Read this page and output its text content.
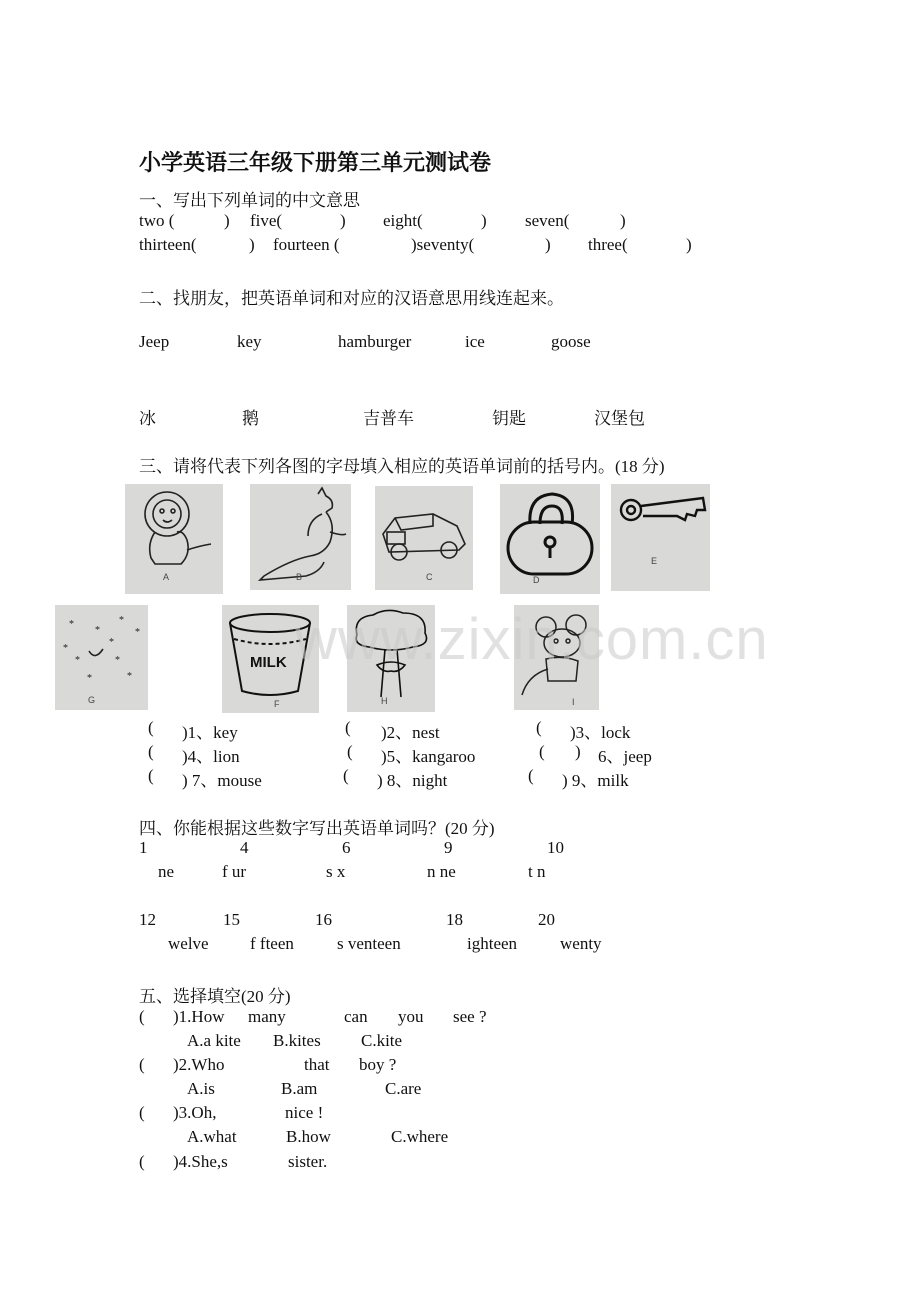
小学英语三年级下册第三单元测试卷
一、写出下列单词的中文意思
two (	) five(	) eight(	) seven(	)
thirteen(	) fourteen (	)seventy(	) three(	)
二、找朋友，把英语单词和对应的汉语意思用线连起来。
Jeep	key	hamburger	ice	goose
冰	鹅	吉普车	钥匙	汉堡包
三、请将代表下列各图的字母填入相应的英语单词前的括号内。(18 分)
A	B	C	D
E
*
*
*
*
*
*	*
*	*
*
G
MILK
F	H	I
www.zixin.com.cn
( )1、key	( )2、nest	( )3、lock
( )4、lion	( )5、kangaroo	( ) 6、jeep
( ) 7、mouse	( ) 8、night	( ) 9、milk
四、你能根据这些数字写出英语单词吗？(20 分)
1	4	6	9	10
ne	f ur	s x	n ne	t n
12	15	16	18	20
welve f fteen	s venteen	ighteen	wenty
五、选择填空(20 分)
( )1.How many	can you see ?
A.a kite B.kites C.kite
( )2.Who	that boy ?
A.is	B.am	C.are
( )3.Oh,	nice !
A.what	B.how	C.where
( )4.She,s	sister.
